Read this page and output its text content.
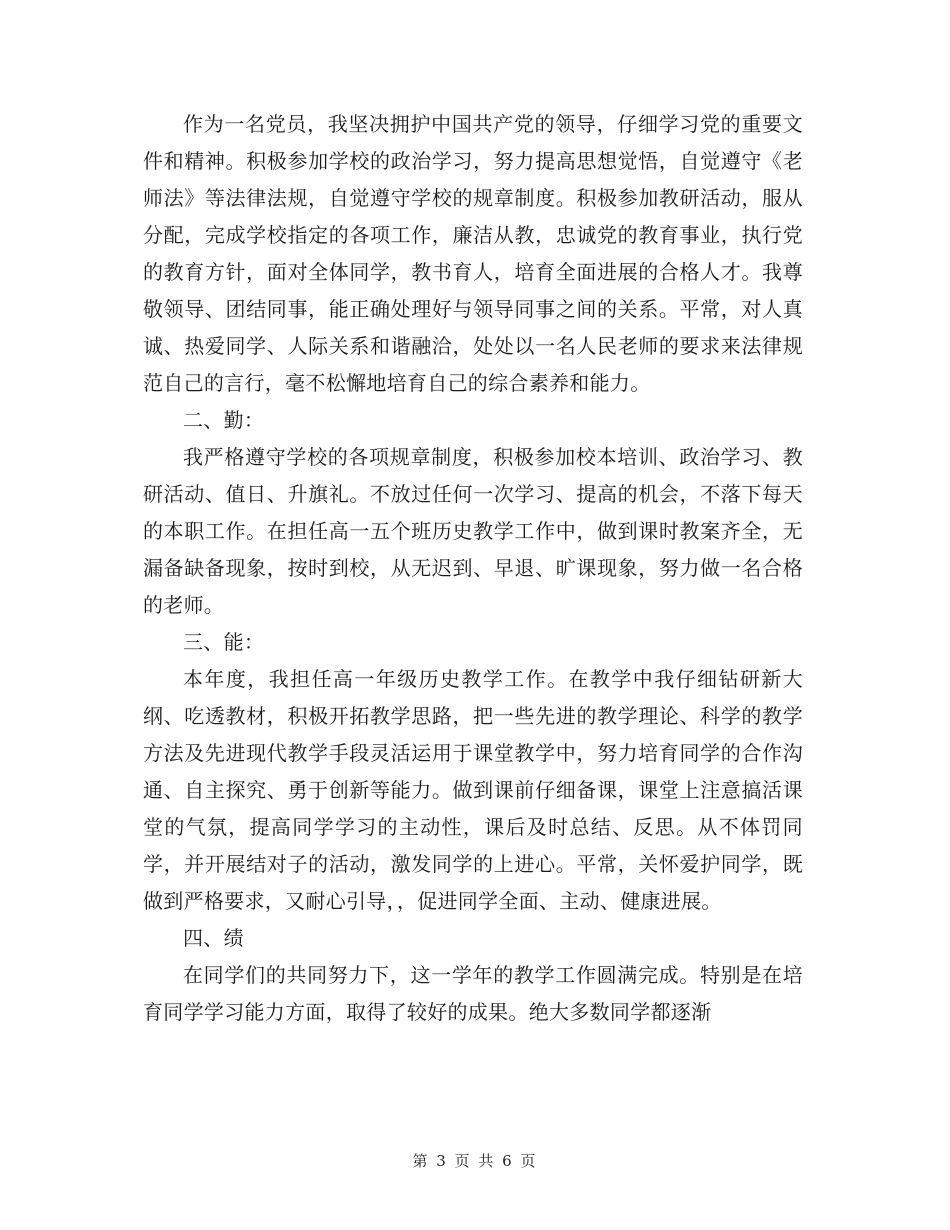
作为一名党员，我坚决拥护中国共产党的领导，仔细学习党的重要文件和精神。积极参加学校的政治学习，努力提高思想觉悟，自觉遵守《老师法》等法律法规，自觉遵守学校的规章制度。积极参加教研活动，服从分配，完成学校指定的各项工作，廉洁从教，忠诚党的教育事业，执行党的教育方针，面对全体同学，教书育人，培育全面进展的合格人才。我尊敬领导、团结同事，能正确处理好与领导同事之间的关系。平常，对人真诚、热爱同学、人际关系和谐融洽，处处以一名人民老师的要求来法律规范自己的言行，毫不松懈地培育自己的综合素养和能力。

二、勤：

我严格遵守学校的各项规章制度，积极参加校本培训、政治学习、教研活动、值日、升旗礼。不放过任何一次学习、提高的机会，不落下每天的本职工作。在担任高一五个班历史教学工作中，做到课时教案齐全，无漏备缺备现象，按时到校，从无迟到、早退、旷课现象，努力做一名合格的老师。

三、能：

本年度，我担任高一年级历史教学工作。在教学中我仔细钻研新大纲、吃透教材，积极开拓教学思路，把一些先进的教学理论、科学的教学方法及先进现代教学手段灵活运用于课堂教学中，努力培育同学的合作沟通、自主探究、勇于创新等能力。做到课前仔细备课，课堂上注意搞活课堂的气氛，提高同学学习的主动性，课后及时总结、反思。从不体罚同学，并开展结对子的活动，激发同学的上进心。平常，关怀爱护同学，既做到严格要求，又耐心引导，，促进同学全面、主动、健康进展。

四、绩

在同学们的共同努力下，这一学年的教学工作圆满完成。特别是在培育同学学习能力方面，取得了较好的成果。绝大多数同学都逐渐

第 3 页 共 6 页
